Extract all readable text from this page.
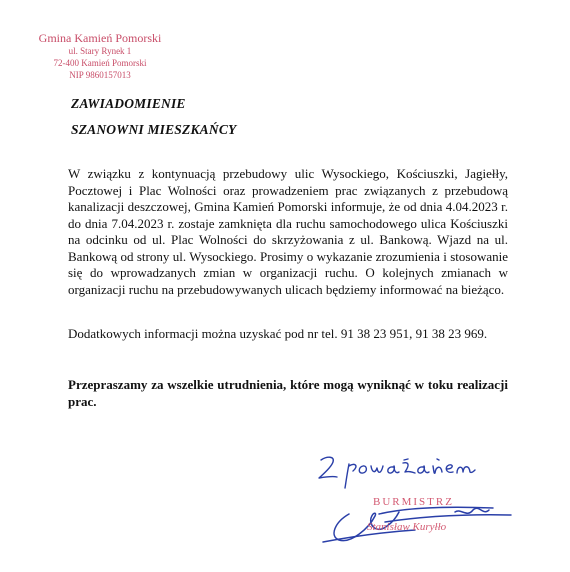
Gmina Kamień Pomorski
ul. Stary Rynek 1
72-400 Kamień Pomorski
NIP 9860157013
ZAWIADOMIENIE
SZANOWNI MIESZKAŃCY
W związku z kontynuacją przebudowy ulic Wysockiego, Kościuszki, Jagiełły, Pocztowej i Plac Wolności oraz prowadzeniem prac związanych z przebudową kanalizacji deszczowej, Gmina Kamień Pomorski informuje, że od dnia 4.04.2023 r. do dnia 7.04.2023 r. zostaje zamknięta dla ruchu samochodowego ulica Kościuszki na odcinku od ul. Plac Wolności do skrzyżowania z ul. Bankową. Wjazd na ul. Bankową od strony ul. Wysockiego. Prosimy o wykazanie zrozumienia i stosowanie się do wprowadzanych zmian w organizacji ruchu. O kolejnych zmianach w organizacji ruchu na przebudowywanych ulicach będziemy informować na bieżąco.
Dodatkowych informacji można uzyskać pod nr tel. 91 38 23 951, 91 38 23 969.
Przepraszamy za wszelkie utrudnienia, które mogą wyniknąć w toku realizacji prac.
BURMISTRZ
Stanisław Kuryłło
